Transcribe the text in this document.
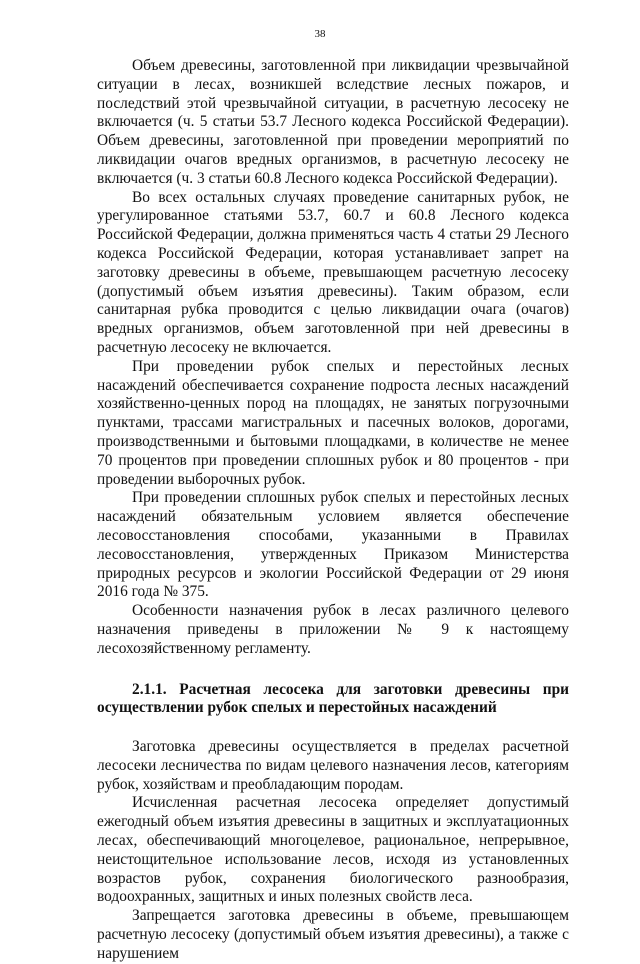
38

Объем древесины, заготовленной при ликвидации чрезвычайной ситуации в лесах, возникшей вследствие лесных пожаров, и последствий этой чрезвычайной ситуации, в расчетную лесосеку не включается (ч. 5 статьи 53.7 Лесного кодекса Российской Федерации). Объем древесины, заготовленной при проведении мероприятий по ликвидации очагов вредных организмов, в расчетную лесосеку не включается (ч. 3 статьи 60.8 Лесного кодекса Российской Федерации).

Во всех остальных случаях проведение санитарных рубок, не урегулированное статьями 53.7, 60.7 и 60.8 Лесного кодекса Российской Федерации, должна применяться часть 4 статьи 29 Лесного кодекса Российской Федерации, которая устанавливает запрет на заготовку древесины в объеме, превышающем расчетную лесосеку (допустимый объем изъятия древесины). Таким образом, если санитарная рубка проводится с целью ликвидации очага (очагов) вредных организмов, объем заготовленной при ней древесины в расчетную лесосеку не включается.

При проведении рубок спелых и перестойных лесных насаждений обеспечивается сохранение подроста лесных насаждений хозяйственно-ценных пород на площадях, не занятых погрузочными пунктами, трассами магистральных и пасечных волоков, дорогами, производственными и бытовыми площадками, в количестве не менее 70 процентов при проведении сплошных рубок и 80 процентов - при проведении выборочных рубок.

При проведении сплошных рубок спелых и перестойных лесных насаждений обязательным условием является обеспечение лесовосстановления способами, указанными в Правилах лесовосстановления, утвержденных Приказом Министерства природных ресурсов и экологии Российской Федерации от 29 июня 2016 года № 375.

Особенности назначения рубок в лесах различного целевого назначения приведены в приложении № 9 к настоящему лесохозяйственному регламенту.

2.1.1. Расчетная лесосека для заготовки древесины при осуществлении рубок спелых и перестойных насаждений

Заготовка древесины осуществляется в пределах расчетной лесосеки лесничества по видам целевого назначения лесов, категориям рубок, хозяйствам и преобладающим породам.

Исчисленная расчетная лесосека определяет допустимый ежегодный объем изъятия древесины в защитных и эксплуатационных лесах, обеспечивающий многоцелевое, рациональное, непрерывное, неистощительное использование лесов, исходя из установленных возрастов рубок, сохранения биологического разнообразия, водоохранных, защитных и иных полезных свойств леса.

Запрещается заготовка древесины в объеме, превышающем расчетную лесосеку (допустимый объем изъятия древесины), а также с нарушением
